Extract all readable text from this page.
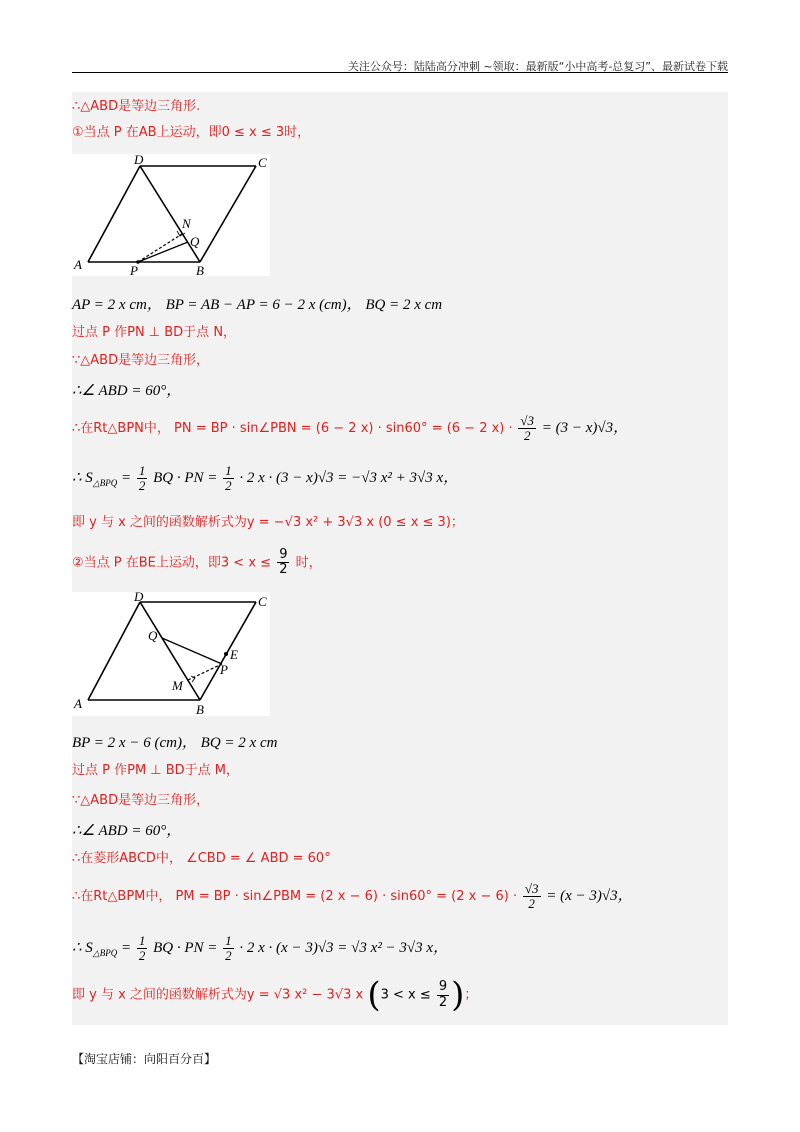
关注公众号：陆陆高分冲刺 ~领取：最新版“小中高考-总复习”、最新试卷下载
∴△ABD是等边三角形.
①当点 P 在AB上运动，即0 ≤ x ≤ 3时，
D	C
N
Q
A	P	B
AP = 2 x cm， BP = AB − AP = 6 − 2 x (cm)， BQ = 2 x cm
过点 P 作PN ⊥ BD于点 N，
∵△ABD是等边三角形，
∴∠ ABD = 60°，
∴在Rt△BPN中， PN = BP · sin∠PBN = (6 − 2 x) · sin60° = (6 − 2 $x) \cdot \frac{√3}{2} = (3 - x)√3$，
∴ $S_{\triangle BPQ} = \frac{1}{2}$ BQ · PN = $\frac{1}{2} \cdot 2$ x · (3 − x)√3 = −√3 x² + 3√3 x，
即 y 与 x 之间的函数解析式为y = −√3 x² + 3√3 x (0 ≤ x ≤ 3)；
②当点 P 在BE上运动，即$3 < x \le \frac{9}{2}$ 时，
D	C
Q
E
P
M
A	B
BP = 2 x − 6 (cm)， BQ = 2 x cm
过点 P 作PM ⊥ BD于点 M，
∵△ABD是等边三角形，
∴∠ ABD = 60°，
∴在菱形ABCD中， ∠CBD = ∠ ABD = 60°
∴在Rt△BPM中， PM = BP · sin∠PBM = (2 x − 6) · sin60° = (2 $x - 6) \cdot \frac{√3}{2} = (x - 3)√3$，
∴ $S_{\triangle BPQ} = \frac{1}{2}$ BQ · PN = $\frac{1}{2} \cdot 2$ x · (x − 3)√3 = √3 x² − 3√3 x，
即 y 与 x 之间的函数解析式为y = √3 x² − 3√3 x ($3 < x \le \frac{9}{2}$ )；
【淘宝店铺：向阳百分百】
